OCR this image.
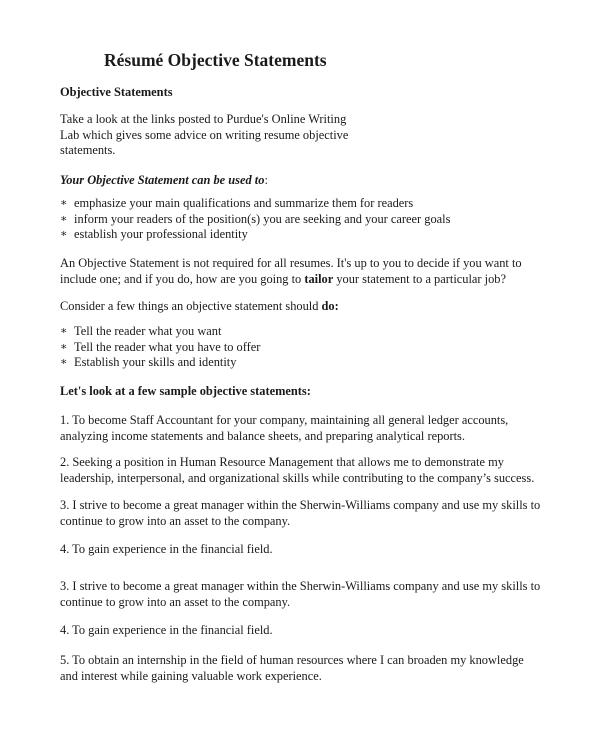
Résumé Objective Statements
Objective Statements
Take a look at the links posted to Purdue's Online Writing
Lab which gives some advice on writing resume objective
statements.
Your Objective Statement can be used to:
∗ emphasize your main qualifications and summarize them for readers
∗ inform your readers of the position(s) you are seeking and your career goals
∗ establish your professional identity
An Objective Statement is not required for all resumes. It's up to you to decide if you want to
include one; and if you do, how are you going to tailor your statement to a particular job?
Consider a few things an objective statement should do:
∗ Tell the reader what you want
∗ Tell the reader what you have to offer
∗ Establish your skills and identity
Let's look at a few sample objective statements:
1. To become Staff Accountant for your company, maintaining all general ledger accounts,
analyzing income statements and balance sheets, and preparing analytical reports.
2. Seeking a position in Human Resource Management that allows me to demonstrate my
leadership, interpersonal, and organizational skills while contributing to the company’s success.
3. I strive to become a great manager within the Sherwin-Williams company and use my skills to
continue to grow into an asset to the company.
4. To gain experience in the financial field.
3. I strive to become a great manager within the Sherwin-Williams company and use my skills to
continue to grow into an asset to the company.
4. To gain experience in the financial field.
5. To obtain an internship in the field of human resources where I can broaden my knowledge
and interest while gaining valuable work experience.
